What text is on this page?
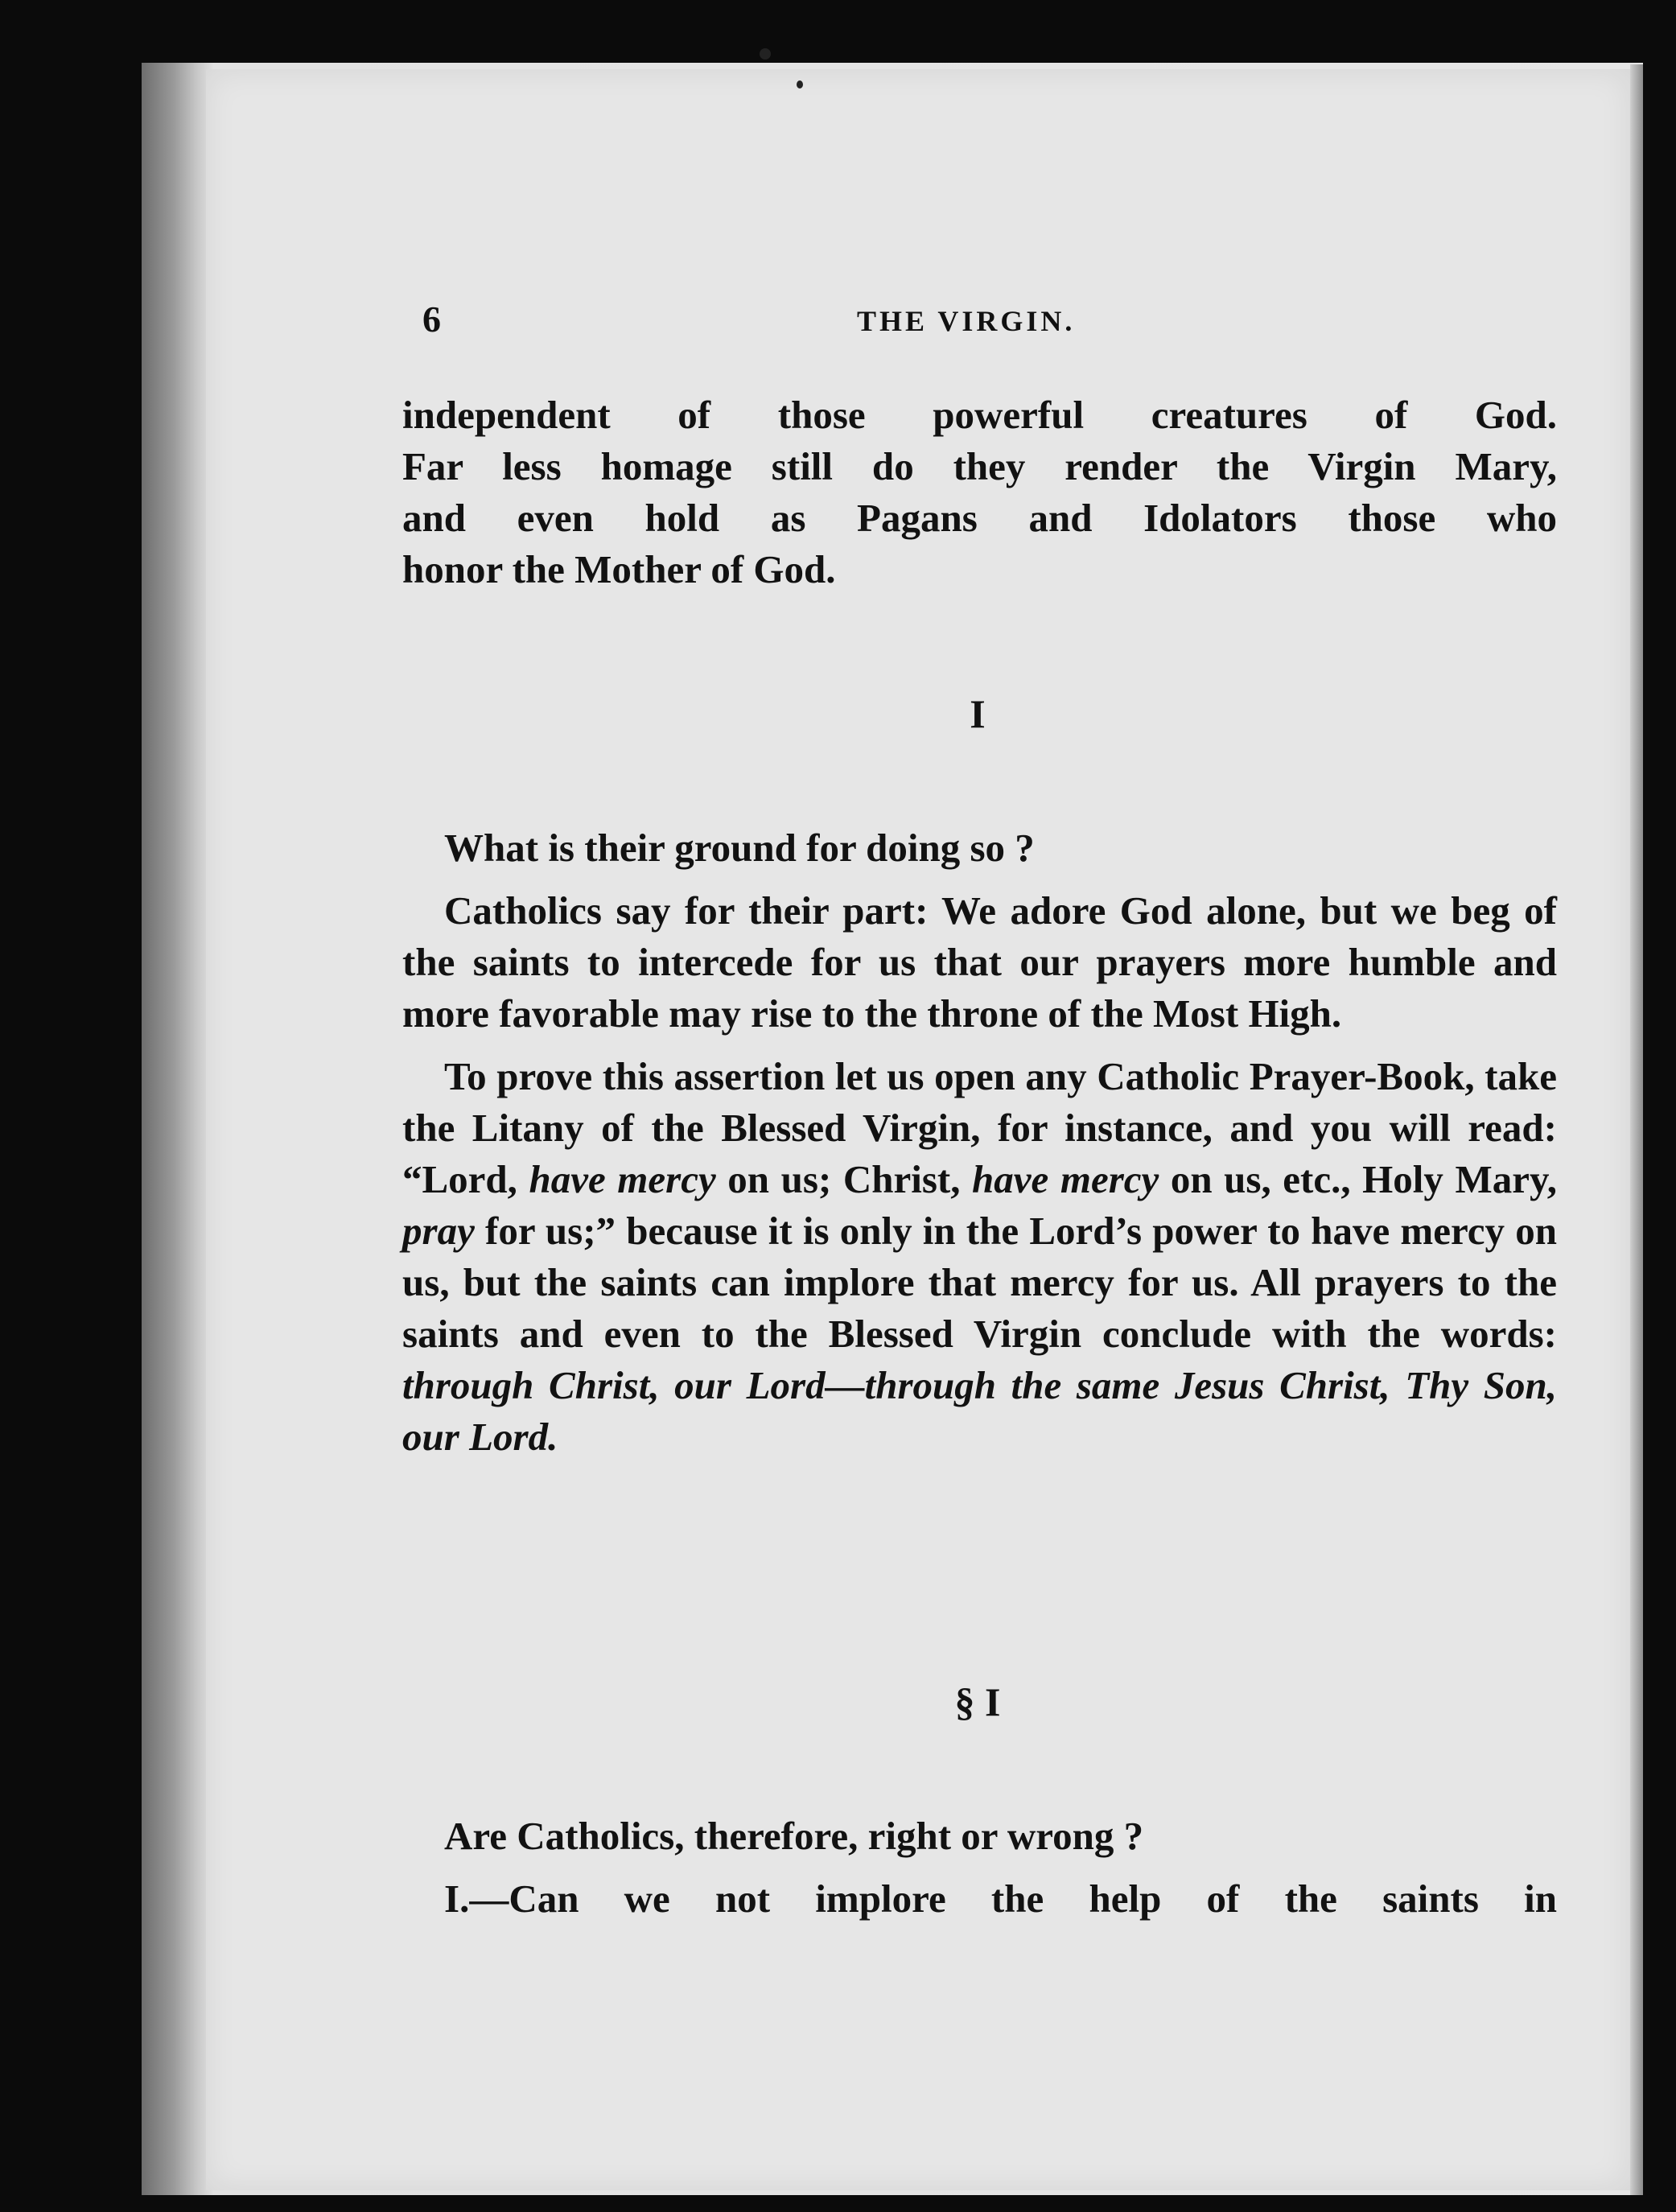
6	THE VIRGIN.

independent of those powerful creatures of God.

Far less homage still do they render the Virgin Mary,

and even hold as Pagans and Idolators those who

honor the Mother of God.

I

What is their ground for doing so ?

Catholics say for their part: We adore God alone, but we beg of the saints to intercede for us that our prayers more humble and more favorable may rise to the throne of the Most High.

To prove this assertion let us open any Catholic Prayer-Book, take the Litany of the Blessed Virgin, for instance, and you will read: “Lord, have mercy on us; Christ, have mercy on us, etc., Holy Mary, pray for us;” because it is only in the Lord’s power to have mercy on us, but the saints can implore that mercy for us. All prayers to the saints and even to the Blessed Virgin conclude with the words: through Christ, our Lord—through the same Jesus Christ, Thy Son, our Lord.

§ I

Are Catholics, therefore, right or wrong ?

I.—Can we not implore the help of the saints in
